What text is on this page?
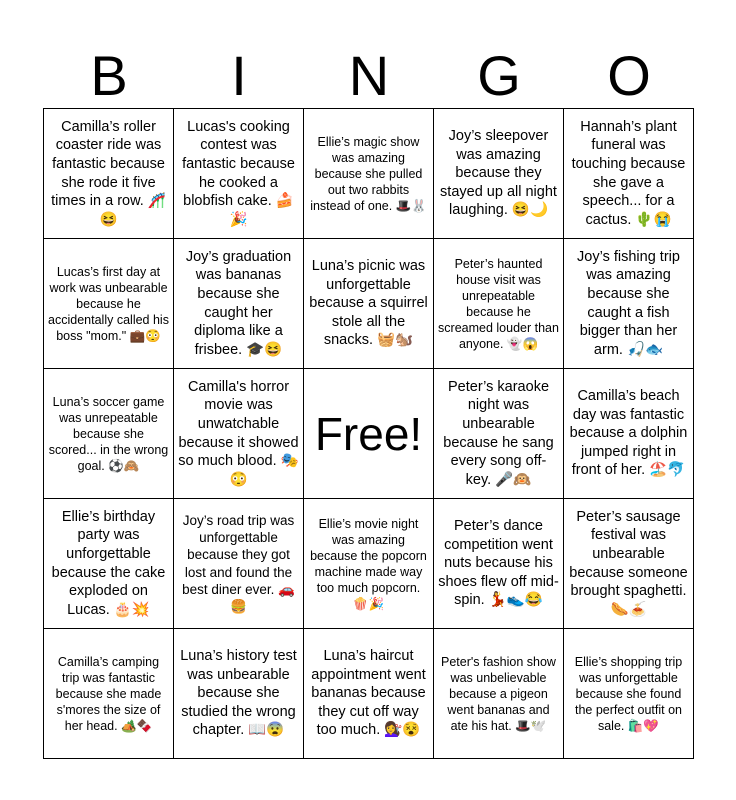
B	I	N	G	O
Camilla’s roller coaster ride was fantastic because she rode it five times in a row. 🎢😆	Lucas's cooking contest was fantastic because he cooked a blobfish cake. 🍰🎉	Ellie’s magic show was amazing because she pulled out two rabbits instead of one. 🎩🐰	Joy’s sleepover was amazing because they stayed up all night laughing. 😆🌙	Hannah’s plant funeral was touching because she gave a speech... for a cactus. 🌵😭
Lucas’s first day at work was unbearable because he accidentally called his boss "mom." 💼😳	Joy’s graduation was bananas because she caught her diploma like a frisbee. 🎓😆	Luna’s picnic was unforgettable because a squirrel stole all the snacks. 🧺🐿️	Peter’s haunted house visit was unrepeatable because he screamed louder than anyone. 👻😱	Joy’s fishing trip was amazing because she caught a fish bigger than her arm. 🎣🐟
Luna’s soccer game was unrepeatable because she scored... in the wrong goal. ⚽🙈	Camilla's horror movie was unwatchable because it showed so much blood. 🎭😳	Free!	Peter’s karaoke night was unbearable because he sang every song off-key. 🎤🙉	Camilla’s beach day was fantastic because a dolphin jumped right in front of her. 🏖️🐬
Ellie’s birthday party was unforgettable because the cake exploded on Lucas. 🎂💥	Joy’s road trip was unforgettable because they got lost and found the best diner ever. 🚗🍔	Ellie’s movie night was amazing because the popcorn machine made way too much popcorn. 🍿🎉	Peter’s dance competition went nuts because his shoes flew off mid-spin. 💃👟😂	Peter’s sausage festival was unbearable because someone brought spaghetti. 🌭🍝
Camilla’s camping trip was fantastic because she made s'mores the size of her head. 🏕️🍫	Luna’s history test was unbearable because she studied the wrong chapter. 📖😨	Luna’s haircut appointment went bananas because they cut off way too much. 💇‍♀️😵	Peter's fashion show was unbelievable because a pigeon went bananas and ate his hat. 🎩🕊️	Ellie’s shopping trip was unforgettable because she found the perfect outfit on sale. 🛍️💖
